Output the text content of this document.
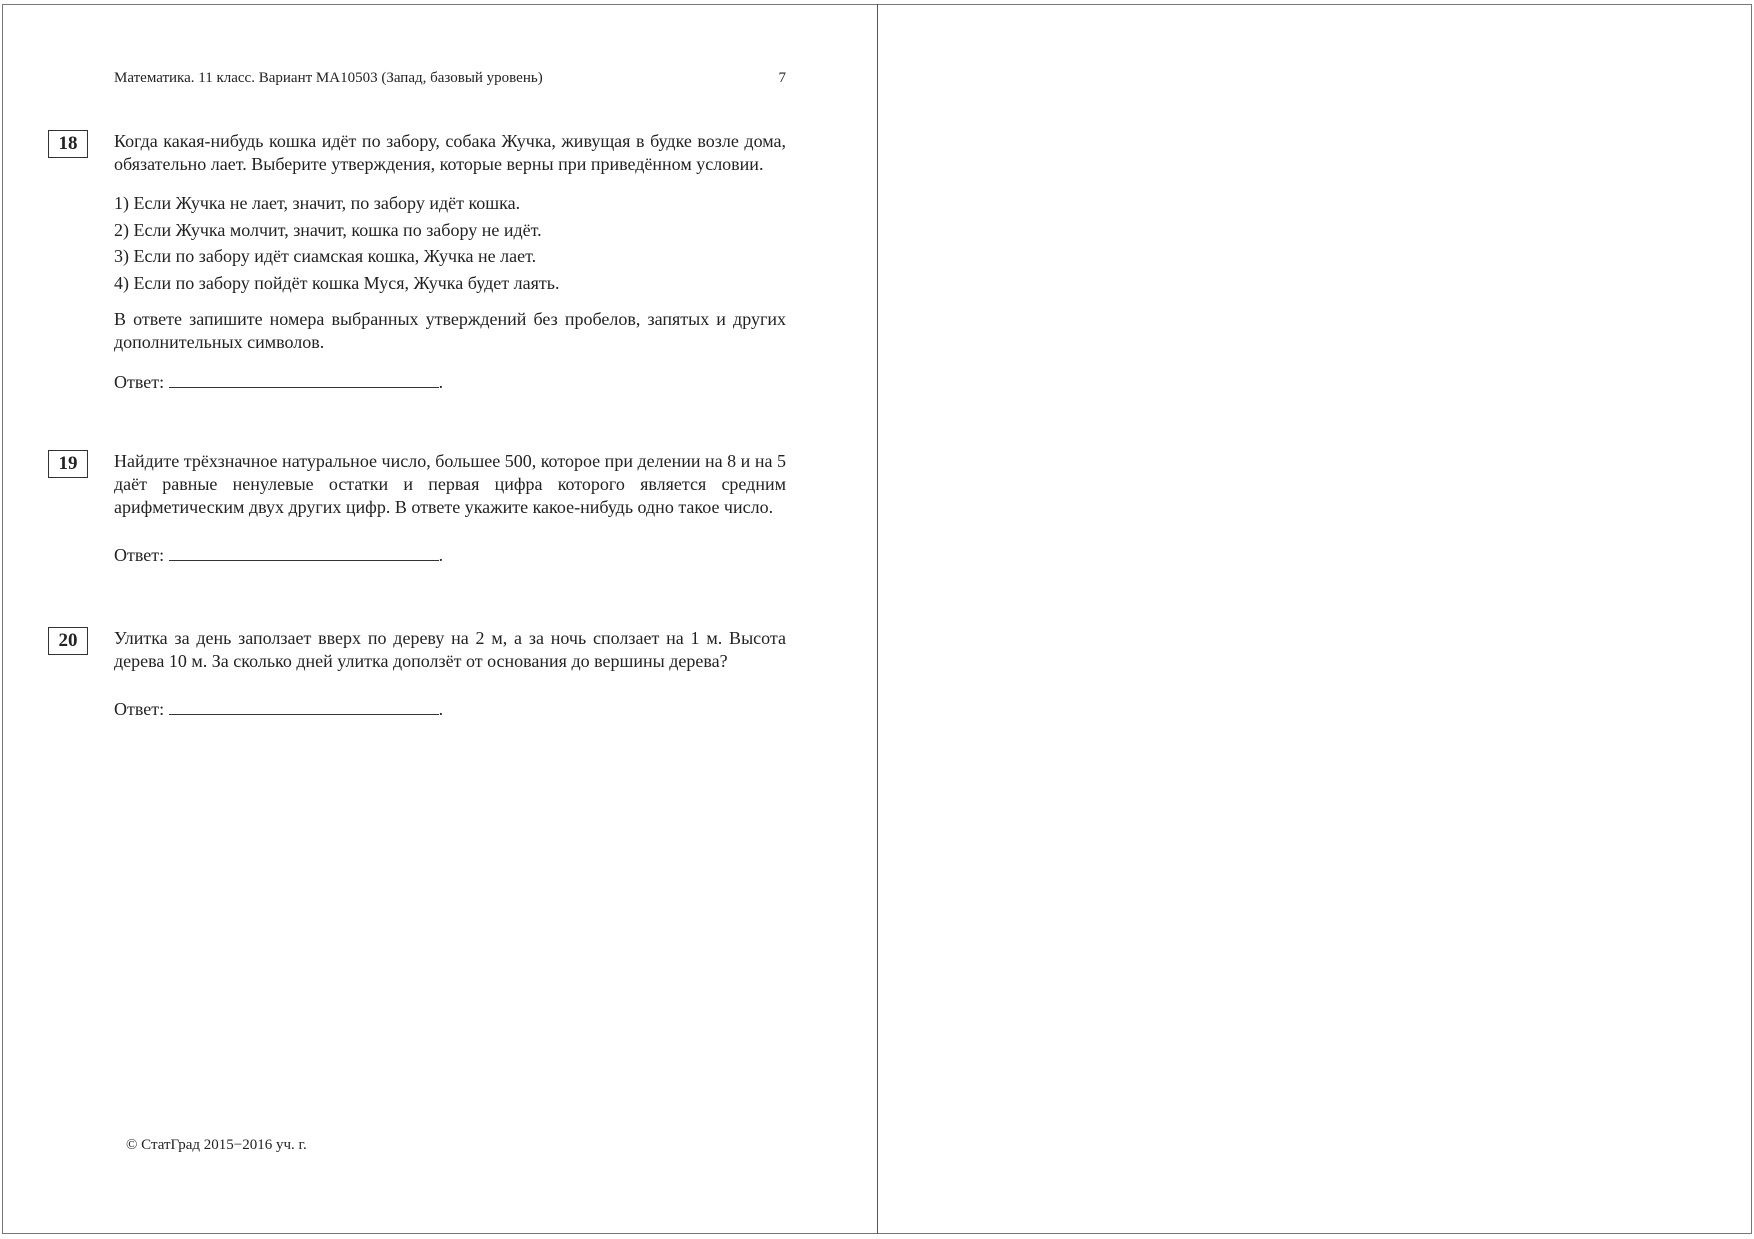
Математика. 11 класс. Вариант МА10503 (Запад, базовый уровень)	7
18	Когда какая-нибудь кошка идёт по забору, собака Жучка, живущая в будке возле дома, обязательно лает. Выберите утверждения, которые верны при приведённом условии.

1) Если Жучка не лает, значит, по забору идёт кошка.
2) Если Жучка молчит, значит, кошка по забору не идёт.
3) Если по забору идёт сиамская кошка, Жучка не лает.
4) Если по забору пойдёт кошка Муся, Жучка будет лаять.

В ответе запишите номера выбранных утверждений без пробелов, запятых и других дополнительных символов.

Ответ:	.
19	Найдите трёхзначное натуральное число, большее 500, которое при делении на 8 и на 5 даёт равные ненулевые остатки и первая цифра которого является средним арифметическим двух других цифр. В ответе укажите какое-нибудь одно такое число.

Ответ:	.
20	Улитка за день заползает вверх по дереву на 2 м, а за ночь сползает на 1 м. Высота дерева 10 м. За сколько дней улитка доползёт от основания до вершины дерева?

Ответ:	.
© СтатГрад 2015−2016 уч. г.
